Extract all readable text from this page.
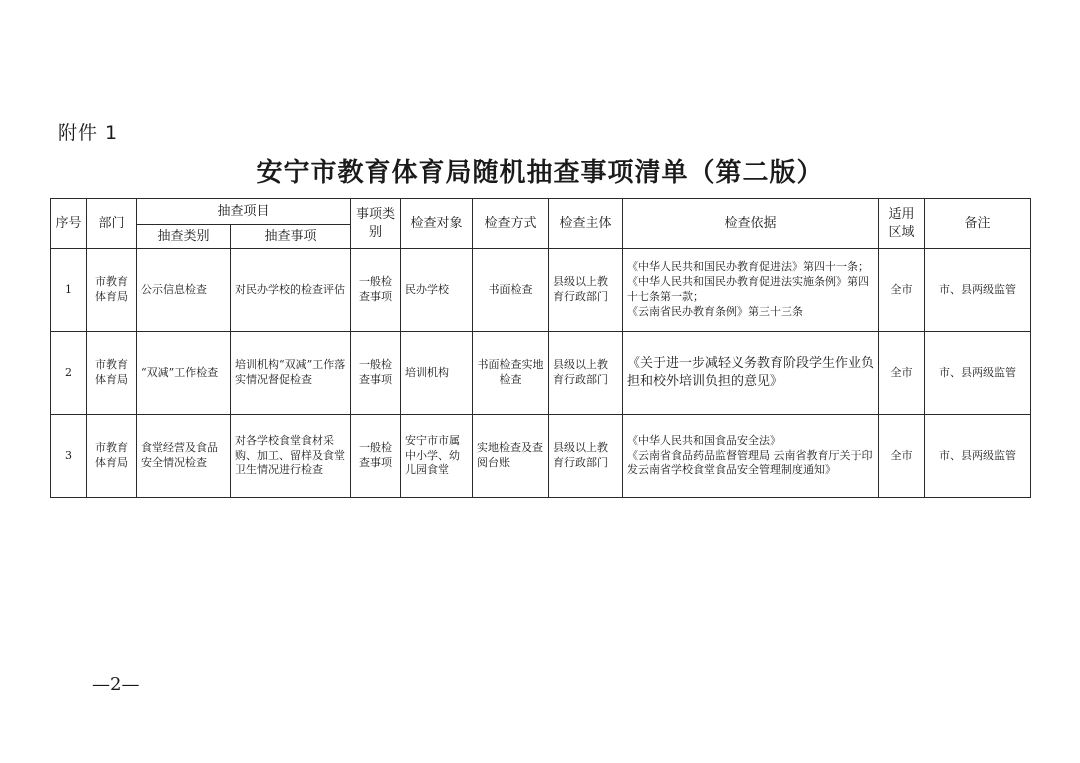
附件 1
安宁市教育体育局随机抽查事项清单（第二版）
序号	部门	抽查项目		事项类别	检查对象	检查方式	检查主体	检查依据	适用区域	备注
		抽查类别	抽查事项							
1	市教育体育局	公示信息检查	对民办学校的检查评估	一般检查事项	民办学校	书面检查	县级以上教育行政部门	《中华人民共和国民办教育促进法》第四十一条；
《中华人民共和国民办教育促进法实施条例》第四十七条第一款；
《云南省民办教育条例》第三十三条	全市	市、县两级监管
2	市教育体育局	“双减”工作检查	培训机构“双减”工作落实情况督促检查	一般检查事项	培训机构	书面检查实地检查	县级以上教育行政部门	《关于进一步减轻义务教育阶段学生作业负担和校外培训负担的意见》	全市	市、县两级监管
3	市教育体育局	食堂经营及食品安全情况检查	对各学校食堂食材采购、加工、留样及食堂卫生情况进行检查	一般检查事项	安宁市市属中小学、幼儿园食堂	实地检查及查阅台账	县级以上教育行政部门	《中华人民共和国食品安全法》
《云南省食品药品监督管理局 云南省教育厅关于印发云南省学校食堂食品安全管理制度通知》	全市	市、县两级监管
—2—
